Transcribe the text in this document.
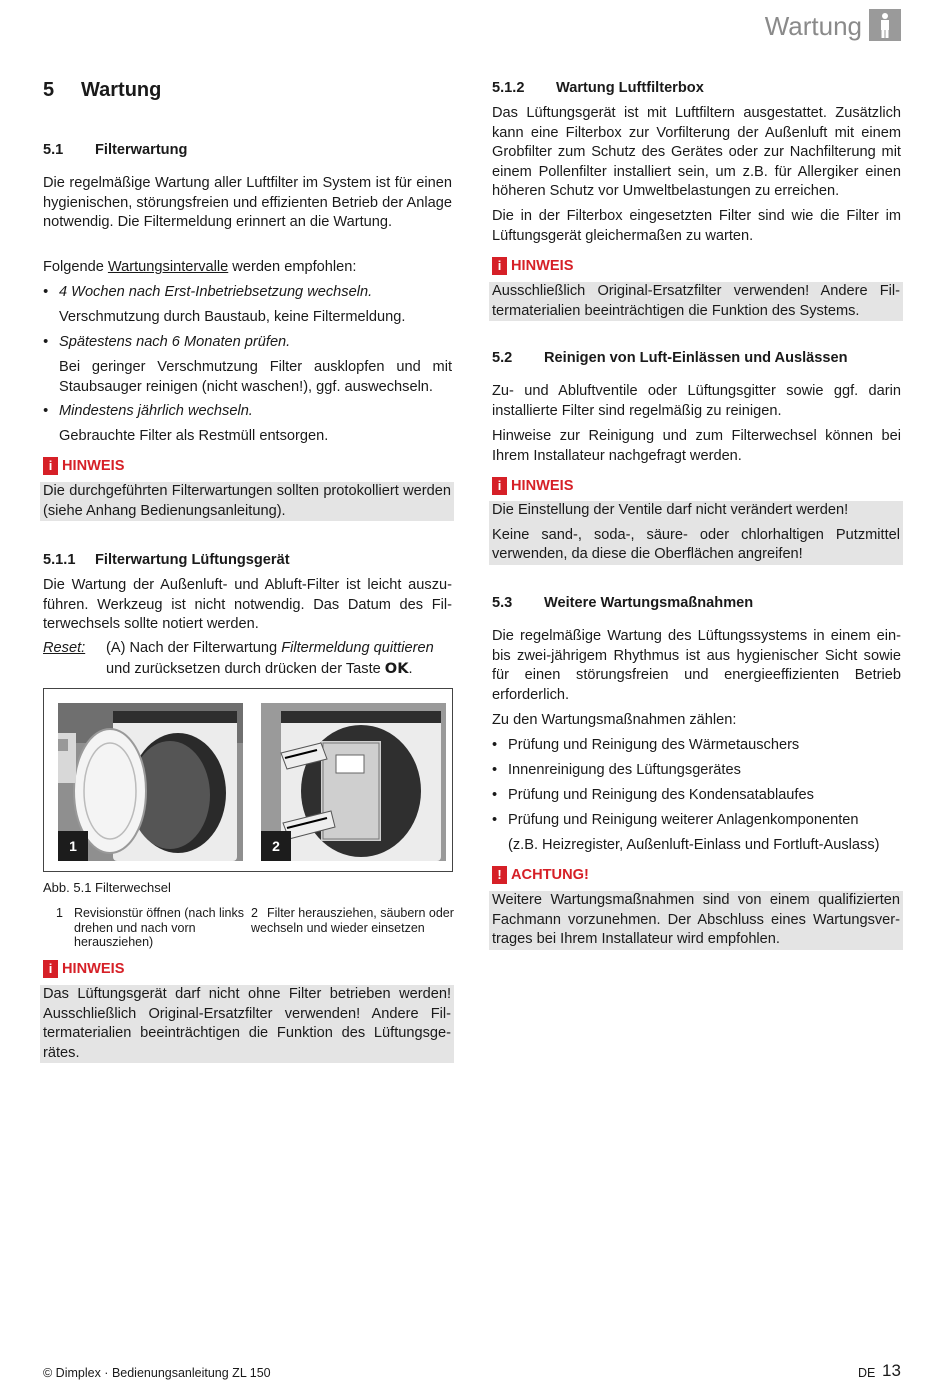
Wartung
5 Wartung
5.1 Filterwartung
Die regelmäßige Wartung aller Luftfilter im System ist für einen hygienischen, störungsfreien und effizienten Betrieb der Anlage notwendig. Die Filtermeldung erinnert an die Wartung.
Folgende Wartungsintervalle werden empfohlen:
• 4 Wochen nach Erst-Inbetriebsetzung wechseln.
Verschmutzung durch Baustaub, keine Filtermeldung.
• Spätestens nach 6 Monaten prüfen.
Bei geringer Verschmutzung Filter ausklopfen und mit Staubsauger reinigen (nicht waschen!), ggf. auswechseln.
• Mindestens jährlich wechseln.
Gebrauchte Filter als Restmüll entsorgen.
i HINWEIS
Die durchgeführten Filterwartungen sollten protokolliert werden (siehe Anhang Bedienungsanleitung).
5.1.1 Filterwartung Lüftungsgerät
Die Wartung der Außenluft- und Abluft-Filter ist leicht auszu-führen. Werkzeug ist nicht notwendig. Das Datum des Fil-terwechsels sollte notiert werden.
Reset: (A) Nach der Filterwartung Filtermeldung quittieren und zurücksetzen durch drücken der Taste OK.
1	2
Abb. 5.1 Filterwechsel
1 Revisionstür öffnen (nach links drehen und nach vorn herausziehen)
2 Filter herausziehen, säubern oder wechseln und wieder einsetzen
i HINWEIS
Das Lüftungsgerät darf nicht ohne Filter betrieben werden! Ausschließlich Original-Ersatzfilter verwenden! Andere Fil-termaterialien beeinträchtigen die Funktion des Lüftungsge-rätes.
5.1.2 Wartung Luftfilterbox
Das Lüftungsgerät ist mit Luftfiltern ausgestattet. Zusätzlich kann eine Filterbox zur Vorfilterung der Außenluft mit einem Grobfilter zum Schutz des Gerätes oder zur Nachfilterung mit einem Pollenfilter installiert sein, um z.B. für Allergiker einen höheren Schutz vor Umweltbelastungen zu erreichen.
Die in der Filterbox eingesetzten Filter sind wie die Filter im Lüftungsgerät gleichermaßen zu warten.
i HINWEIS
Ausschließlich Original-Ersatzfilter verwenden! Andere Fil-termaterialien beeinträchtigen die Funktion des Systems.
5.2 Reinigen von Luft-Einlässen und Auslässen
Zu- und Abluftventile oder Lüftungsgitter sowie ggf. darin installierte Filter sind regelmäßig zu reinigen.
Hinweise zur Reinigung und zum Filterwechsel können bei Ihrem Installateur nachgefragt werden.
i HINWEIS
Die Einstellung der Ventile darf nicht verändert werden!
Keine sand-, soda-, säure- oder chlorhaltigen Putzmittel verwenden, da diese die Oberflächen angreifen!
5.3 Weitere Wartungsmaßnahmen
Die regelmäßige Wartung des Lüftungssystems in einem ein- bis zwei-jährigem Rhythmus ist aus hygienischer Sicht sowie für einen störungsfreien und energieeffizienten Betrieb erforderlich.
Zu den Wartungsmaßnahmen zählen:
• Prüfung und Reinigung des Wärmetauschers
• Innenreinigung des Lüftungsgerätes
• Prüfung und Reinigung des Kondensatablaufes
• Prüfung und Reinigung weiterer Anlagenkomponenten
(z.B. Heizregister, Außenluft-Einlass und Fortluft-Auslass)
! ACHTUNG!
Weitere Wartungsmaßnahmen sind von einem qualifizierten Fachmann vorzunehmen. Der Abschluss eines Wartungsver-trages bei Ihrem Installateur wird empfohlen.
© Dimplex · Bedienungsanleitung ZL 150	DE 13
